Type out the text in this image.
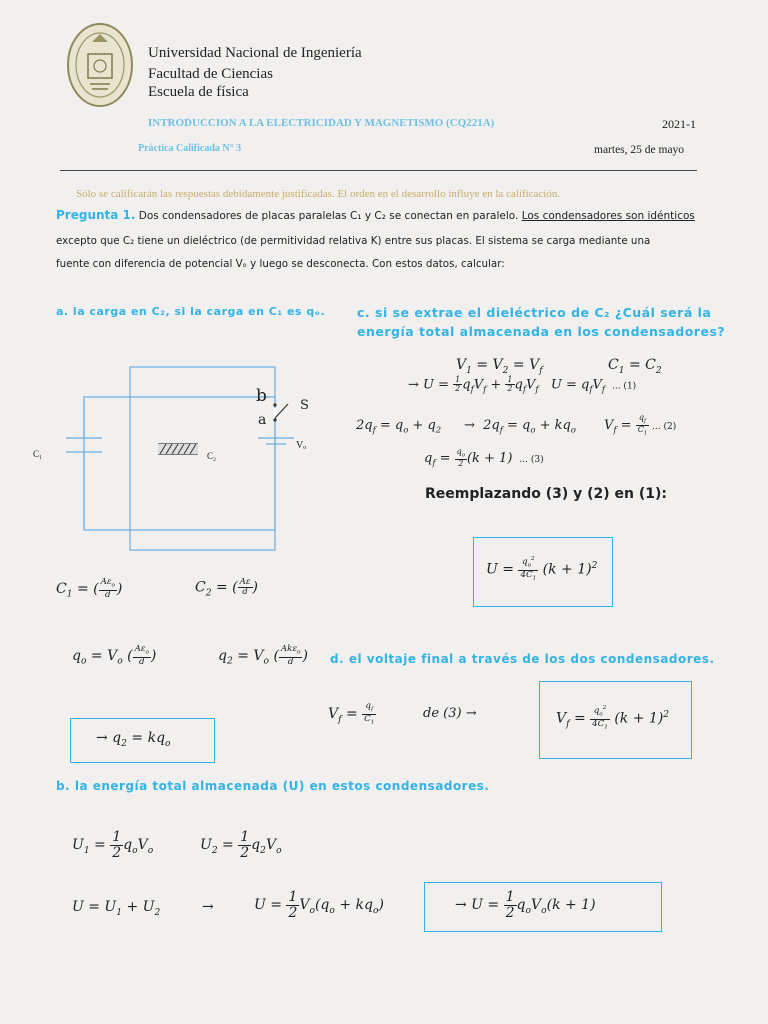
Universidad Nacional de Ingeniería
Facultad de Ciencias
Escuela de física
INTRODUCCION A LA ELECTRICIDAD Y MAGNETISMO (CQ221A)	2021-1
Práctica Calificada N° 3	martes, 25 de mayo
Sólo se calificarán las respuestas debidamente justificadas. El orden en el desarrollo influye en la calificación.
Pregunta 1. Dos condensadores de placas paralelas C₁ y C₂ se conectan en paralelo. Los condensadores son idénticos
excepto que C₂ tiene un dieléctrico (de permitividad relativa K) entre sus placas. El sistema se carga mediante una
fuente con diferencia de potencial Vₒ y luego se desconecta. Con estos datos, calcular:
a. la carga en C₂, si la carga en C₁ es qₒ.
C₁	C₂
Vₒ
b
a
S
$C_1$ = ( $\frac{A\varepsilon_o}{d}$ )	$C_2$ = ( $\frac{A\varepsilon}{d}$ )
$q_o = V_o$ ( $\frac{A\varepsilon_o}{d}$ )	$q_2 = V_o$ ( $\frac{Ak\varepsilon_o}{d}$ )
→ $q_2 = kq_o$
d. el voltaje final a través de los dos condensadores.
$V_f = \frac{q_f}{C_1}$	de (3) →	$V_f = \frac{q_o^2}{4C_1} (k + 1)^2$
b. la energía total almacenada (U) en estos condensadores.
$U_1 = \frac{1}{2} q_oV_o$	$U_2 = \frac{1}{2} q_2V_o$
$U = U_1 + U_2$	→	$U = \frac{1}{2} V_o(q_o + kq_o)$	→ $U = \frac{1}{2} q_oV_o(k + 1)$
c. si se extrae el dieléctrico de C₂ ¿Cuál será la
energía total almacenada en los condensadores?
$V_1 = V_2 = V_f$	$C_1 = C_2$
→ $U = \frac{1}{2} q_fV_f + \frac{1}{2} q_fV_f$   $U = q_fV_f$  ... (1)
$2q_f = q_o + q_2 \to 2q_f = q_o + kq_o$ $V_f = \frac{q_f}{C_1}$ ... (2)
$q_f = \frac{q_o}{2} (k + 1)$  ... (3)
Reemplazando (3) y (2) en (1):
$U = \frac{q_o^2}{4C_1} (k + 1)^2$
